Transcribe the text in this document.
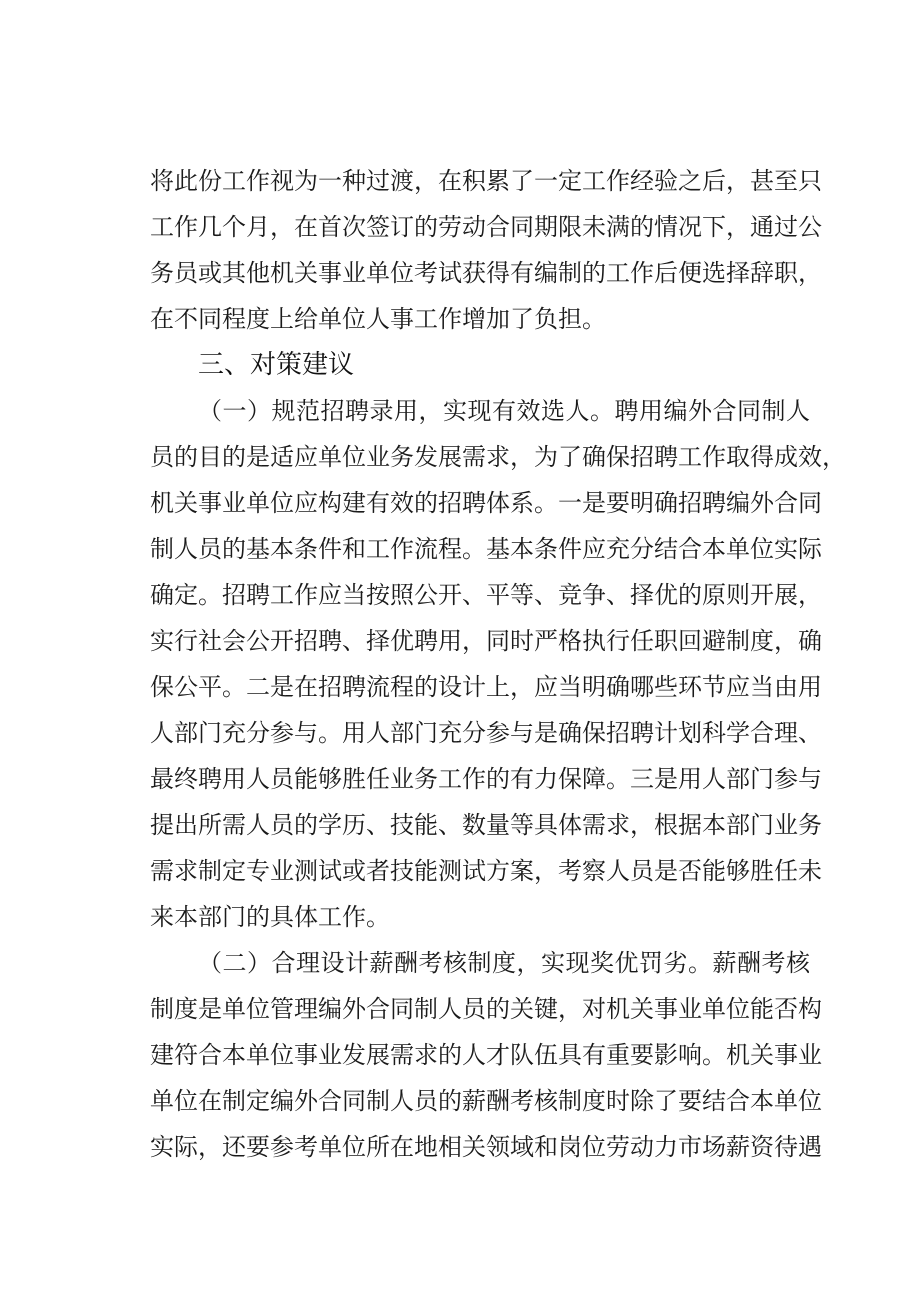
将此份工作视为一种过渡，在积累了一定工作经验之后，甚至只
工作几个月，在首次签订的劳动合同期限未满的情况下，通过公
务员或其他机关事业单位考试获得有编制的工作后便选择辞职，
在不同程度上给单位人事工作增加了负担。
三、对策建议
（一）规范招聘录用，实现有效选人。聘用编外合同制人
员的目的是适应单位业务发展需求，为了确保招聘工作取得成效，
机关事业单位应构建有效的招聘体系。一是要明确招聘编外合同
制人员的基本条件和工作流程。基本条件应充分结合本单位实际
确定。招聘工作应当按照公开、平等、竞争、择优的原则开展，
实行社会公开招聘、择优聘用，同时严格执行任职回避制度，确
保公平。二是在招聘流程的设计上，应当明确哪些环节应当由用
人部门充分参与。用人部门充分参与是确保招聘计划科学合理、
最终聘用人员能够胜任业务工作的有力保障。三是用人部门参与
提出所需人员的学历、技能、数量等具体需求，根据本部门业务
需求制定专业测试或者技能测试方案，考察人员是否能够胜任未
来本部门的具体工作。
（二）合理设计薪酬考核制度，实现奖优罚劣。薪酬考核
制度是单位管理编外合同制人员的关键，对机关事业单位能否构
建符合本单位事业发展需求的人才队伍具有重要影响。机关事业
单位在制定编外合同制人员的薪酬考核制度时除了要结合本单位
实际，还要参考单位所在地相关领域和岗位劳动力市场薪资待遇
